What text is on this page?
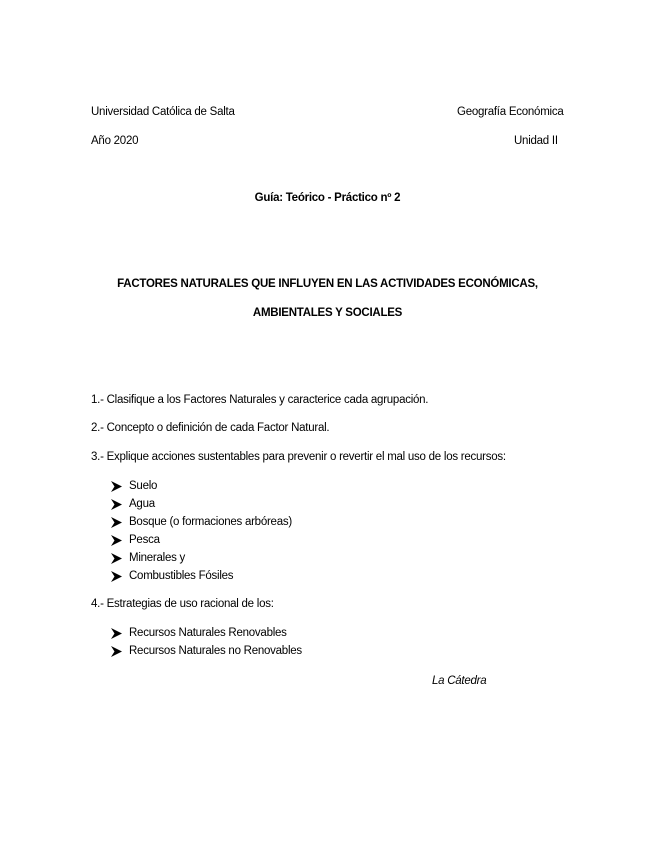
Universidad Católica de Salta	Geografía Económica
Año 2020	Unidad II
Guía: Teórico - Práctico nº 2
FACTORES NATURALES QUE INFLUYEN EN LAS ACTIVIDADES ECONÓMICAS,
AMBIENTALES Y SOCIALES
1.- Clasifique a los Factores Naturales y caracterice cada agrupación.
2.- Concepto o definición de cada Factor Natural.
3.- Explique acciones sustentables para prevenir o revertir el mal uso de los recursos:
Suelo
Agua
Bosque (o formaciones arbóreas)
Pesca
Minerales y
Combustibles Fósiles
4.- Estrategias de uso racional de los:
Recursos Naturales Renovables
Recursos Naturales no Renovables
La Cátedra
